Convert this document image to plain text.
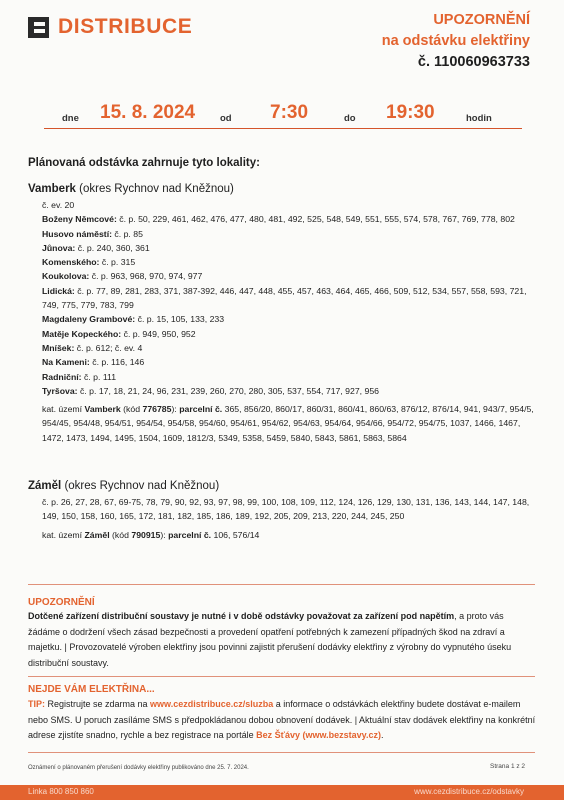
DISTRIBUCE	UPOZORNĚNÍ
na odstávku elektřiny
č. 110060963733
dne 15. 8. 2024	od 7:30	do 19:30	hodin
Plánovaná odstávka zahrnuje tyto lokality:
Vamberk (okres Rychnov nad Kněžnou)

č. ev. 20

Boženy Němcové: č. p. 50, 229, 461, 462, 476, 477, 480, 481, 492, 525, 548, 549, 551, 555, 574, 578, 767, 769, 778, 802

Husovo náměstí: č. p. 85

Jůnova: č. p. 240, 360, 361

Komenského: č. p. 315

Koukolova: č. p. 963, 968, 970, 974, 977

Lidická: č. p. 77, 89, 281, 283, 371, 387-392, 446, 447, 448, 455, 457, 463, 464, 465, 466, 509, 512, 534, 557, 558, 593, 721, 749, 775, 779, 783, 799

Magdaleny Grambové: č. p. 15, 105, 133, 233

Matěje Kopeckého: č. p. 949, 950, 952

Mníšek: č. p. 612; č. ev. 4

Na Kameni: č. p. 116, 146

Radniční: č. p. 111

Tyršova: č. p. 17, 18, 21, 24, 96, 231, 239, 260, 270, 280, 305, 537, 554, 717, 927, 956

kat. území Vamberk (kód 776785): parcelní č. 365, 856/20, 860/17, 860/31, 860/41, 860/63, 876/12, 876/14, 941, 943/7, 954/5, 954/45, 954/48, 954/51, 954/54, 954/58, 954/60, 954/61, 954/62, 954/63, 954/64, 954/66, 954/72, 954/75, 1037, 1466, 1467, 1472, 1473, 1494, 1495, 1504, 1609, 1812/3, 5349, 5358, 5459, 5840, 5843, 5861, 5863, 5864

Záměl (okres Rychnov nad Kněžnou)

č. p. 26, 27, 28, 67, 69-75, 78, 79, 90, 92, 93, 97, 98, 99, 100, 108, 109, 112, 124, 126, 129, 130, 131, 136, 143, 144, 147, 148, 149, 150, 158, 160, 165, 172, 181, 182, 185, 186, 189, 192, 205, 209, 213, 220, 244, 245, 250

kat. území Záměl (kód 790915): parcelní č. 106, 576/14

UPOZORNĚNÍ
Dotčené zařízení distribuční soustavy je nutné i v době odstávky považovat za zařízení pod napětím, a proto vás žádáme o dodržení všech zásad bezpečnosti a provedení opatření potřebných k zamezení případných škod na zdraví a majetku. | Provozovatelé výroben elektřiny jsou povinni zajistit přerušení dodávky elektřiny z výrobny do vypnutého úseku distribuční soustavy.
NEJDE VÁM ELEKTŘINA...
TIP: Registrujte se zdarma na www.cezdistribuce.cz/sluzba a informace o odstávkách elektřiny budete dostávat e-mailem nebo SMS. U poruch zasíláme SMS s předpokládanou dobou obnovení dodávek. | Aktuální stav dodávek elektřiny na konkrétní adrese zjistíte snadno, rychle a bez registrace na portále Bez Šťávy (www.bezstavy.cz).
Oznámení o plánovaném přerušení dodávky elektřiny publikováno dne 25. 7. 2024.	Strana 1 z 2
Linka 800 850 860	www.cezdistribuce.cz/odstavky
